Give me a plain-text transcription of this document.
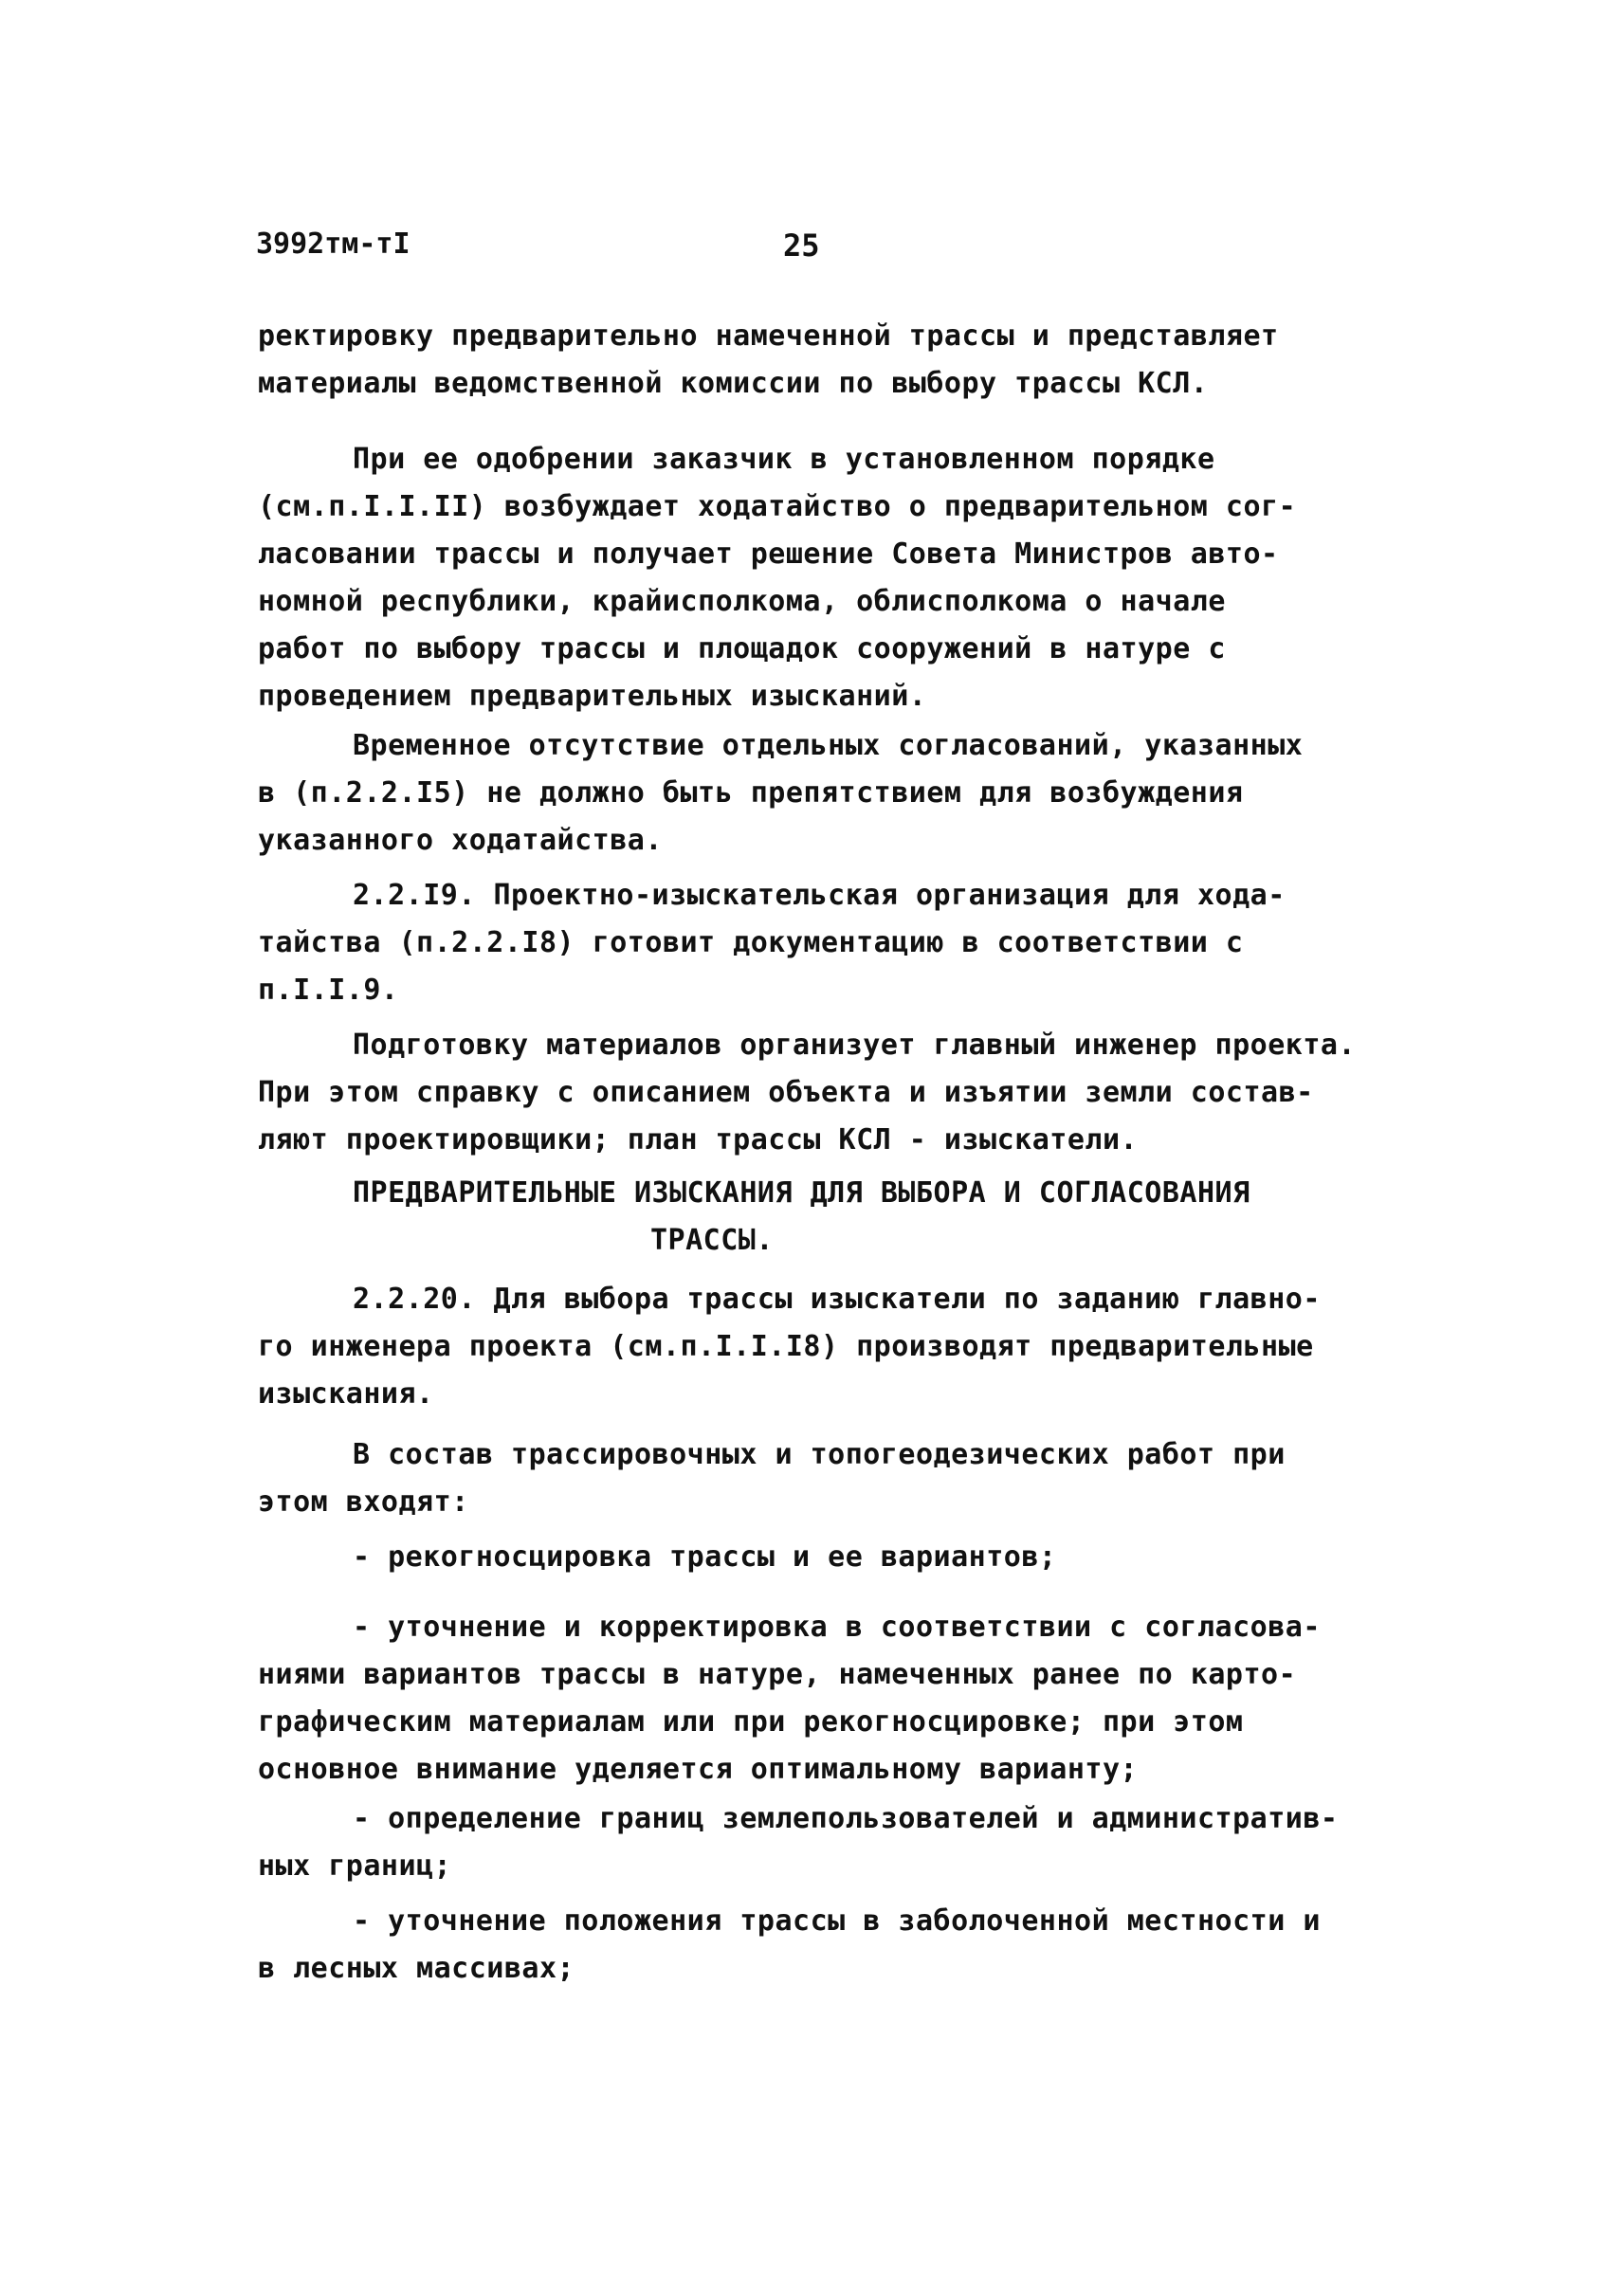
3992тм-тI	25
ректировку предварительно намеченной трассы и представляет
материалы ведомственной комиссии по выбору трассы КСЛ.
При ее одобрении заказчик в установленном порядке
(см.п.I.I.II) возбуждает ходатайство о предварительном сог-
ласовании трассы и получает решение Совета Министров авто-
номной республики, крайисполкома, облисполкома о начале
работ по выбору трассы и площадок сооружений в натуре с
проведением предварительных изысканий.
Временное отсутствие отдельных согласований, указанных
в (п.2.2.I5) не должно быть препятствием для возбуждения
указанного ходатайства.
2.2.I9. Проектно-изыскательская организация для хода-
тайства (п.2.2.I8) готовит документацию в соответствии с
п.I.I.9.
Подготовку материалов организует главный инженер проекта.
При этом справку с описанием объекта и изъятии земли состав-
ляют проектировщики; план трассы КСЛ - изыскатели.
ПРЕДВАРИТЕЛЬНЫЕ ИЗЫСКАНИЯ ДЛЯ ВЫБОРА И СОГЛАСОВАНИЯ
ТРАССЫ.
2.2.20. Для выбора трассы изыскатели по заданию главно-
го инженера проекта (см.п.I.I.I8) производят предварительные
изыскания.
В состав трассировочных и топогеодезических работ при
этом входят:
- рекогносцировка трассы и ее вариантов;
- уточнение и корректировка в соответствии с согласова-
ниями вариантов трассы в натуре, намеченных ранее по карто-
графическим материалам или при рекогносцировке; при этом
основное внимание уделяется оптимальному варианту;
- определение границ землепользователей и административ-
ных границ;
- уточнение положения трассы в заболоченной местности и
в лесных массивах;
